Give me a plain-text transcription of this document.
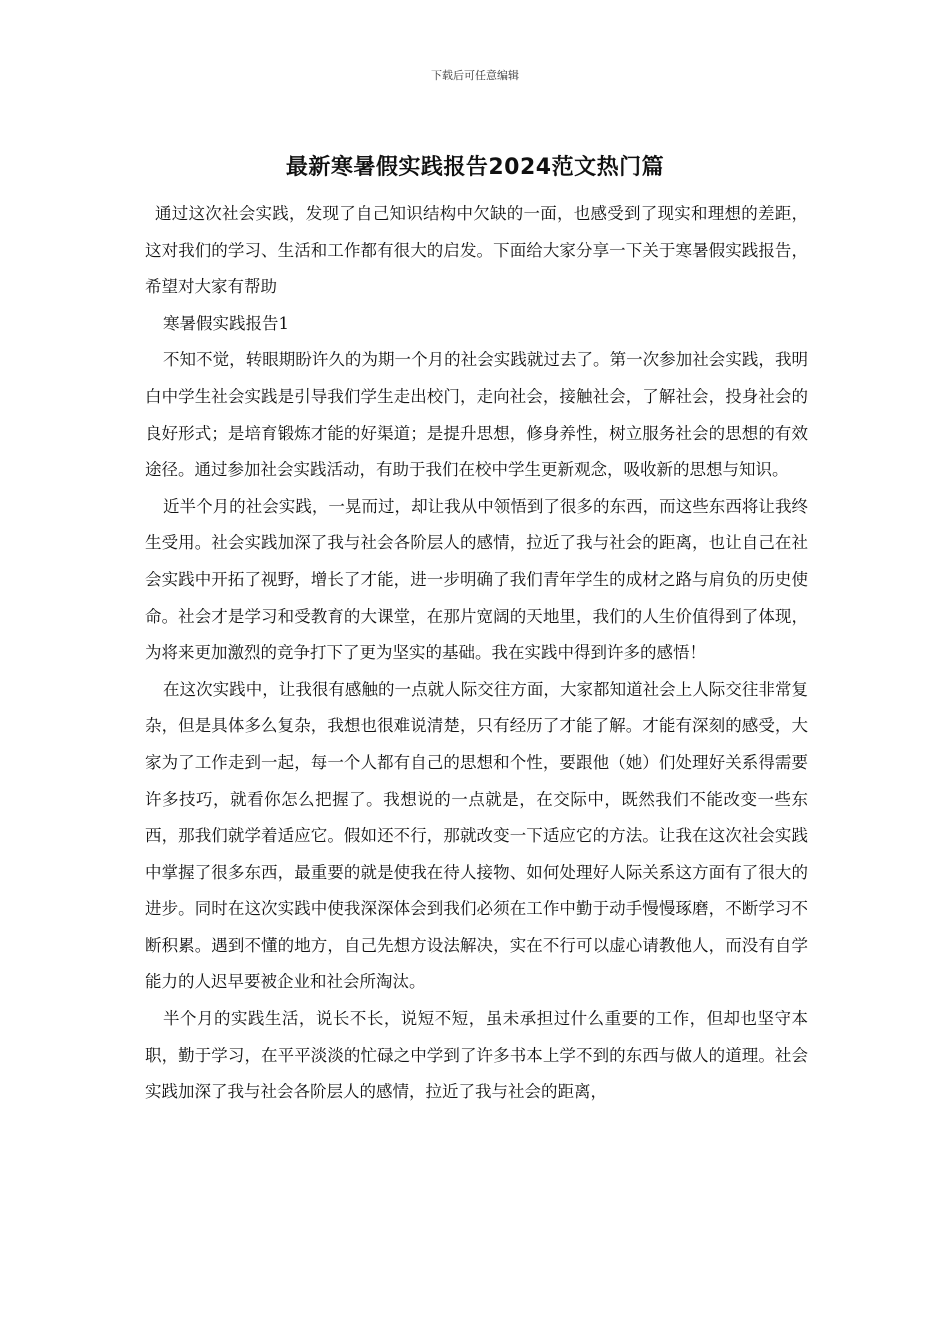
下载后可任意编辑
最新寒暑假实践报告2024范文热门篇

通过这次社会实践，发现了自己知识结构中欠缺的一面，也感受到了现实和理想的差距，这对我们的学习、生活和工作都有很大的启发。下面给大家分享一下关于寒暑假实践报告，希望对大家有帮助

寒暑假实践报告1

不知不觉，转眼期盼许久的为期一个月的社会实践就过去了。第一次参加社会实践，我明白中学生社会实践是引导我们学生走出校门，走向社会，接触社会，了解社会，投身社会的良好形式；是培育锻炼才能的好渠道；是提升思想，修身养性，树立服务社会的思想的有效途径。通过参加社会实践活动，有助于我们在校中学生更新观念，吸收新的思想与知识。

近半个月的社会实践，一晃而过，却让我从中领悟到了很多的东西，而这些东西将让我终生受用。社会实践加深了我与社会各阶层人的感情，拉近了我与社会的距离，也让自己在社会实践中开拓了视野，增长了才能，进一步明确了我们青年学生的成材之路与肩负的历史使命。社会才是学习和受教育的大课堂，在那片宽阔的天地里，我们的人生价值得到了体现，为将来更加激烈的竞争打下了更为坚实的基础。我在实践中得到许多的感悟！

在这次实践中，让我很有感触的一点就人际交往方面，大家都知道社会上人际交往非常复杂，但是具体多么复杂，我想也很难说清楚，只有经历了才能了解。才能有深刻的感受，大家为了工作走到一起，每一个人都有自己的思想和个性，要跟他（她）们处理好关系得需要许多技巧，就看你怎么把握了。我想说的一点就是，在交际中，既然我们不能改变一些东西，那我们就学着适应它。假如还不行，那就改变一下适应它的方法。让我在这次社会实践中掌握了很多东西，最重要的就是使我在待人接物、如何处理好人际关系这方面有了很大的进步。同时在这次实践中使我深深体会到我们必须在工作中勤于动手慢慢琢磨，不断学习不断积累。遇到不懂的地方，自己先想方设法解决，实在不行可以虚心请教他人，而没有自学能力的人迟早要被企业和社会所淘汰。

半个月的实践生活，说长不长，说短不短，虽未承担过什么重要的工作，但却也坚守本职，勤于学习，在平平淡淡的忙碌之中学到了许多书本上学不到的东西与做人的道理。社会实践加深了我与社会各阶层人的感情，拉近了我与社会的距离，
